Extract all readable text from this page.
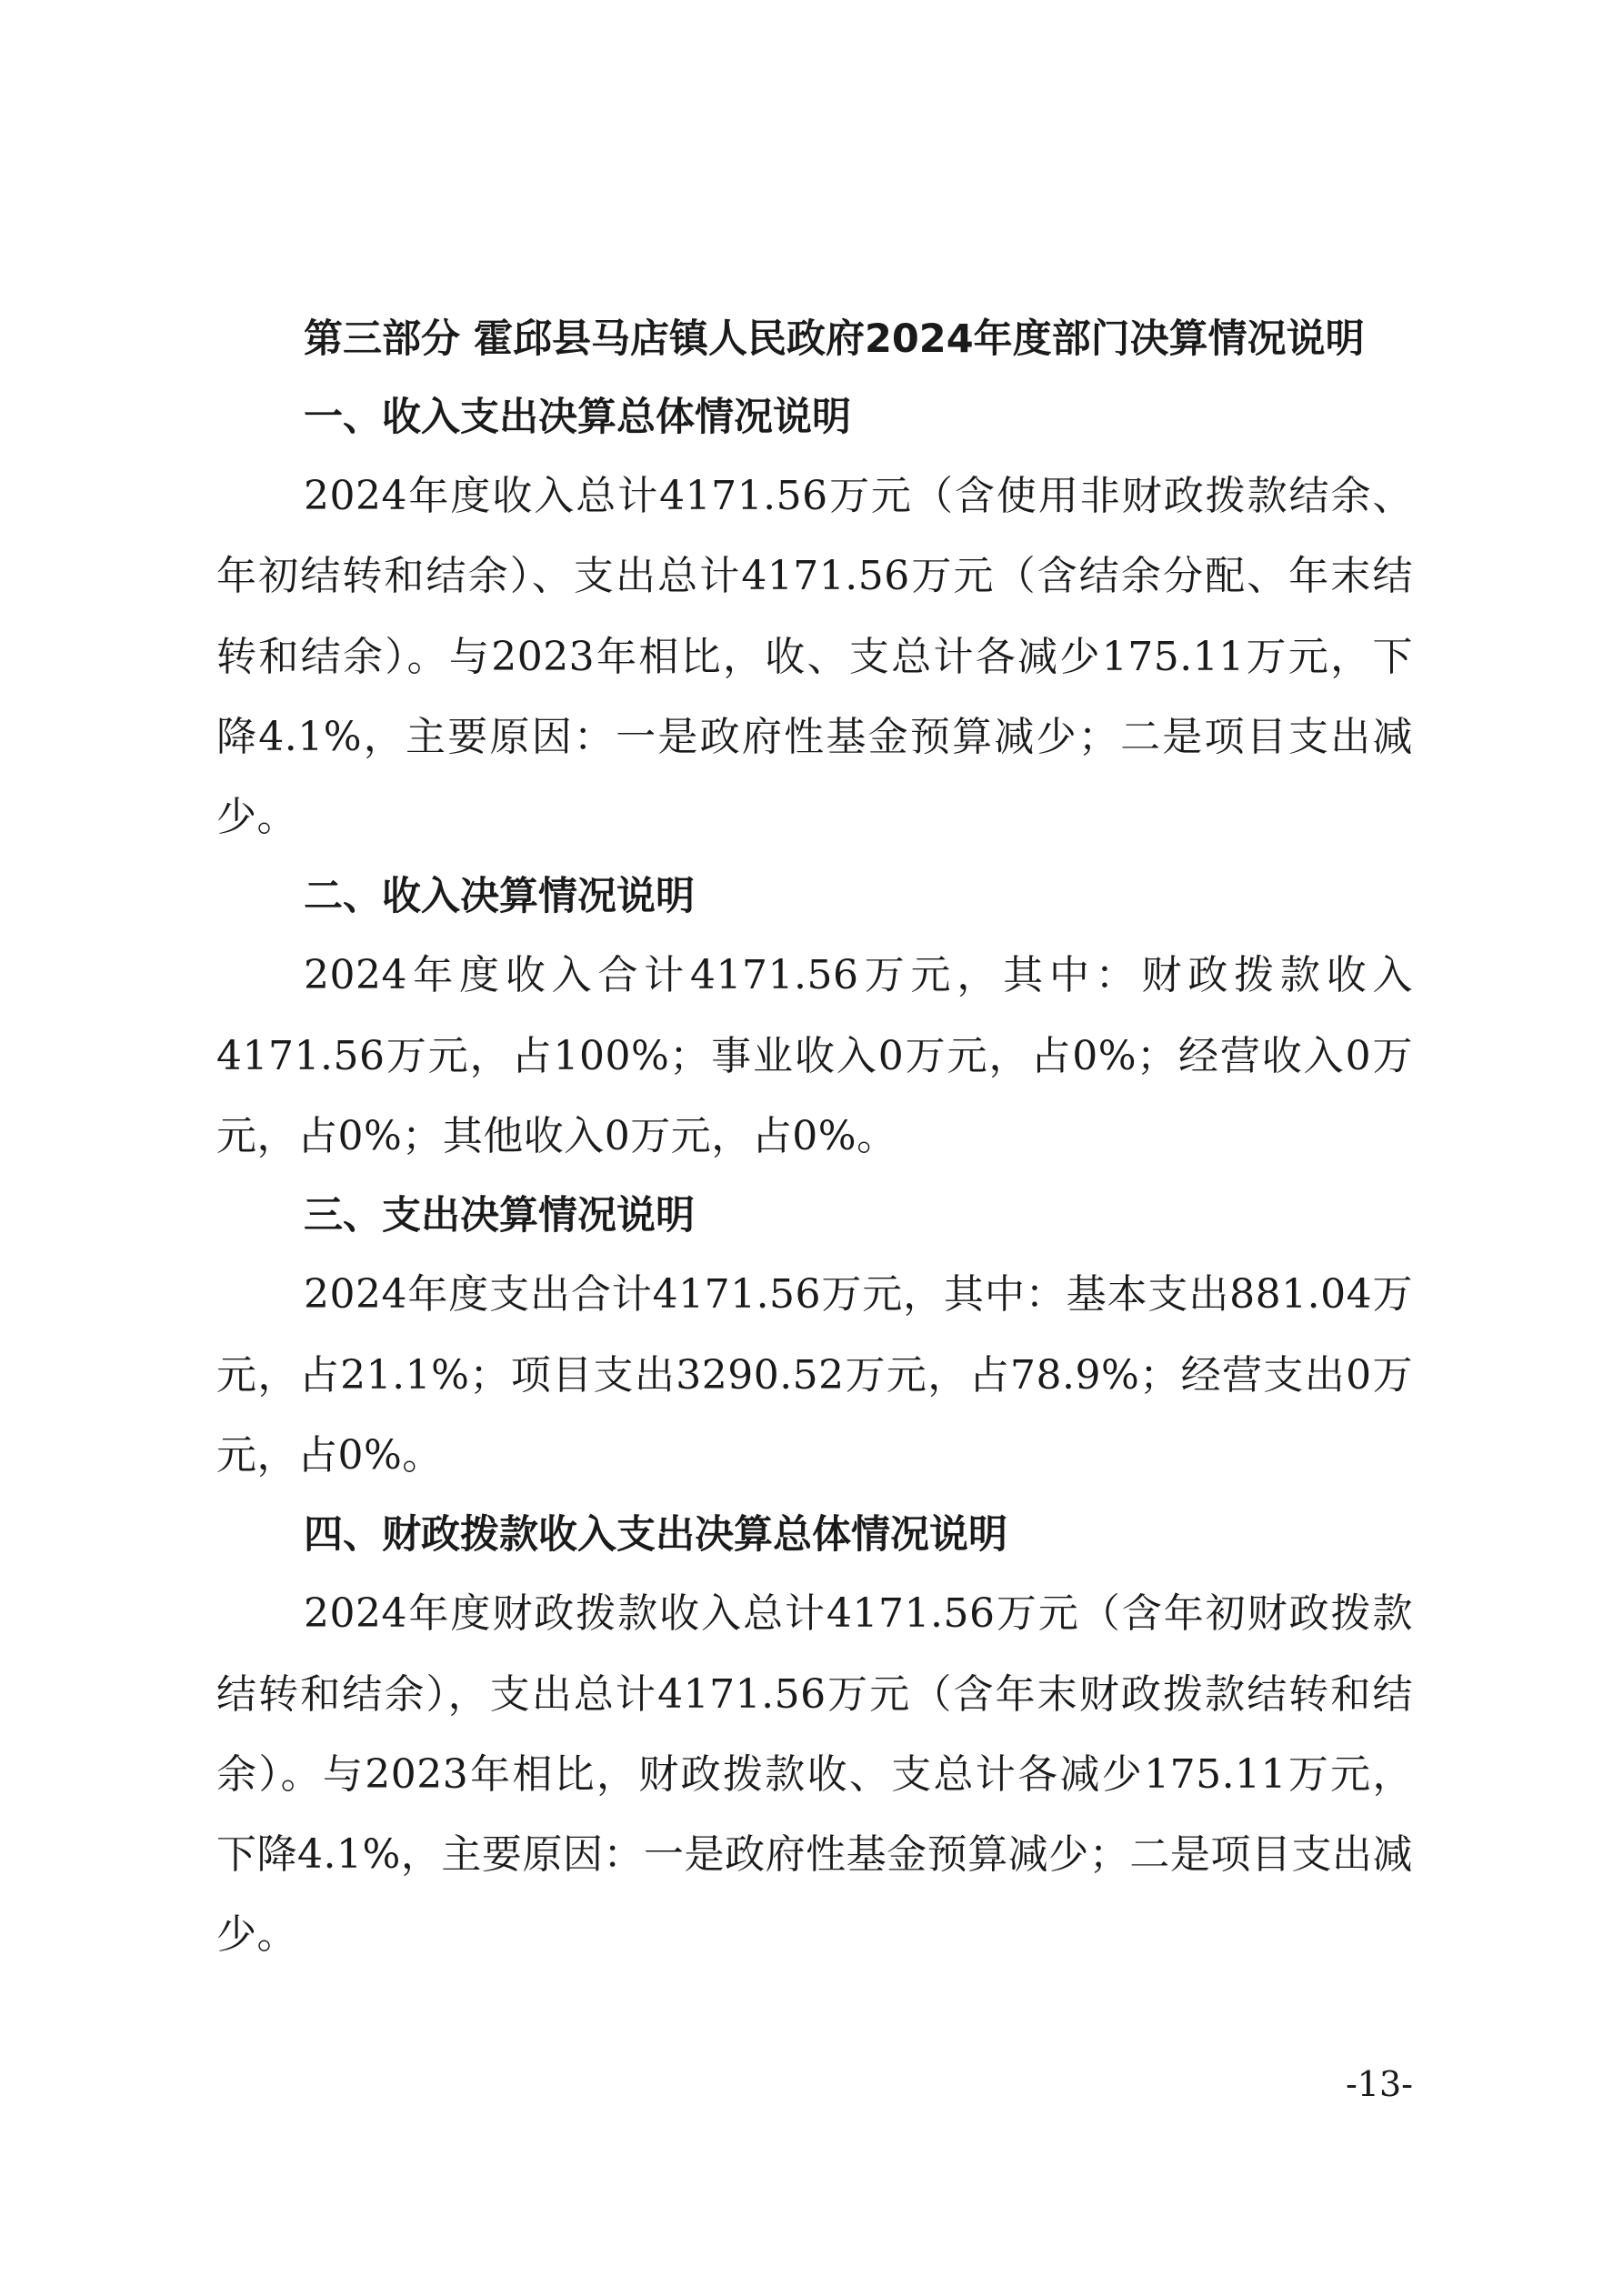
第三部分 霍邱县马店镇人民政府2024年度部门决算情况说明

一、收入支出决算总体情况说明

2024年度收入总计4171.56万元（含使用非财政拨款结余、年初结转和结余）、支出总计4171.56万元（含结余分配、年末结转和结余）。与2023年相比，收、支总计各减少175.11万元，下降4.1%，主要原因：一是政府性基金预算减少；二是项目支出减少。

二、收入决算情况说明

2024年度收入合计4171.56万元，其中：财政拨款收入4171.56万元，占100%；事业收入0万元，占0%；经营收入0万元，占0%；其他收入0万元，占0%。

三、支出决算情况说明

2024年度支出合计4171.56万元，其中：基本支出881.04万元，占21.1%；项目支出3290.52万元，占78.9%；经营支出0万元，占0%。

四、财政拨款收入支出决算总体情况说明

2024年度财政拨款收入总计4171.56万元（含年初财政拨款结转和结余），支出总计4171.56万元（含年末财政拨款结转和结余）。与2023年相比，财政拨款收、支总计各减少175.11万元，下降4.1%，主要原因：一是政府性基金预算减少；二是项目支出减少。

-13-
